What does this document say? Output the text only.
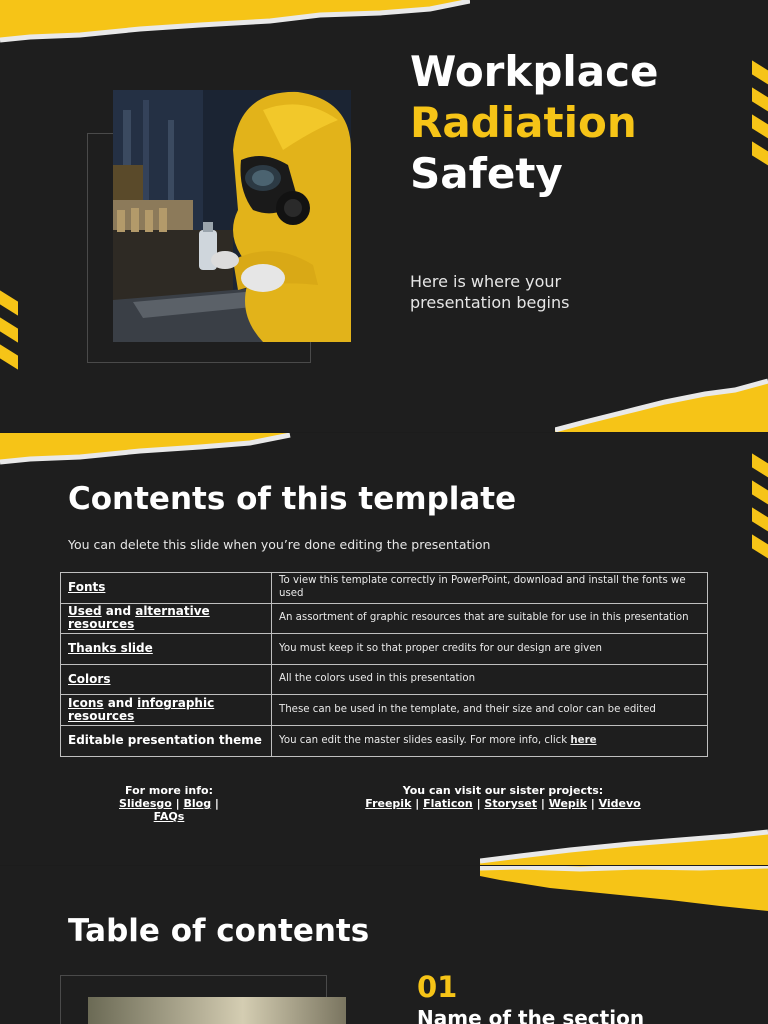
Workplace
Radiation
Safety
Here is where your presentation begins
Contents of this template
You can delete this slide when you’re done editing the presentation
Fonts	To view this template correctly in PowerPoint, download and install the fonts we used
Used and alternative resources	An assortment of graphic resources that are suitable for use in this presentation
Thanks slide	You must keep it so that proper credits for our design are given
Colors	All the colors used in this presentation
Icons and infographic resources	These can be used in the template, and their size and color can be edited
Editable presentation theme	You can edit the master slides easily. For more info, click here
For more info:
Slidesgo | Blog | FAQs
You can visit our sister projects:
Freepik | Flaticon | Storyset | Wepik | Videvo
Table of contents
01
Name of the section
